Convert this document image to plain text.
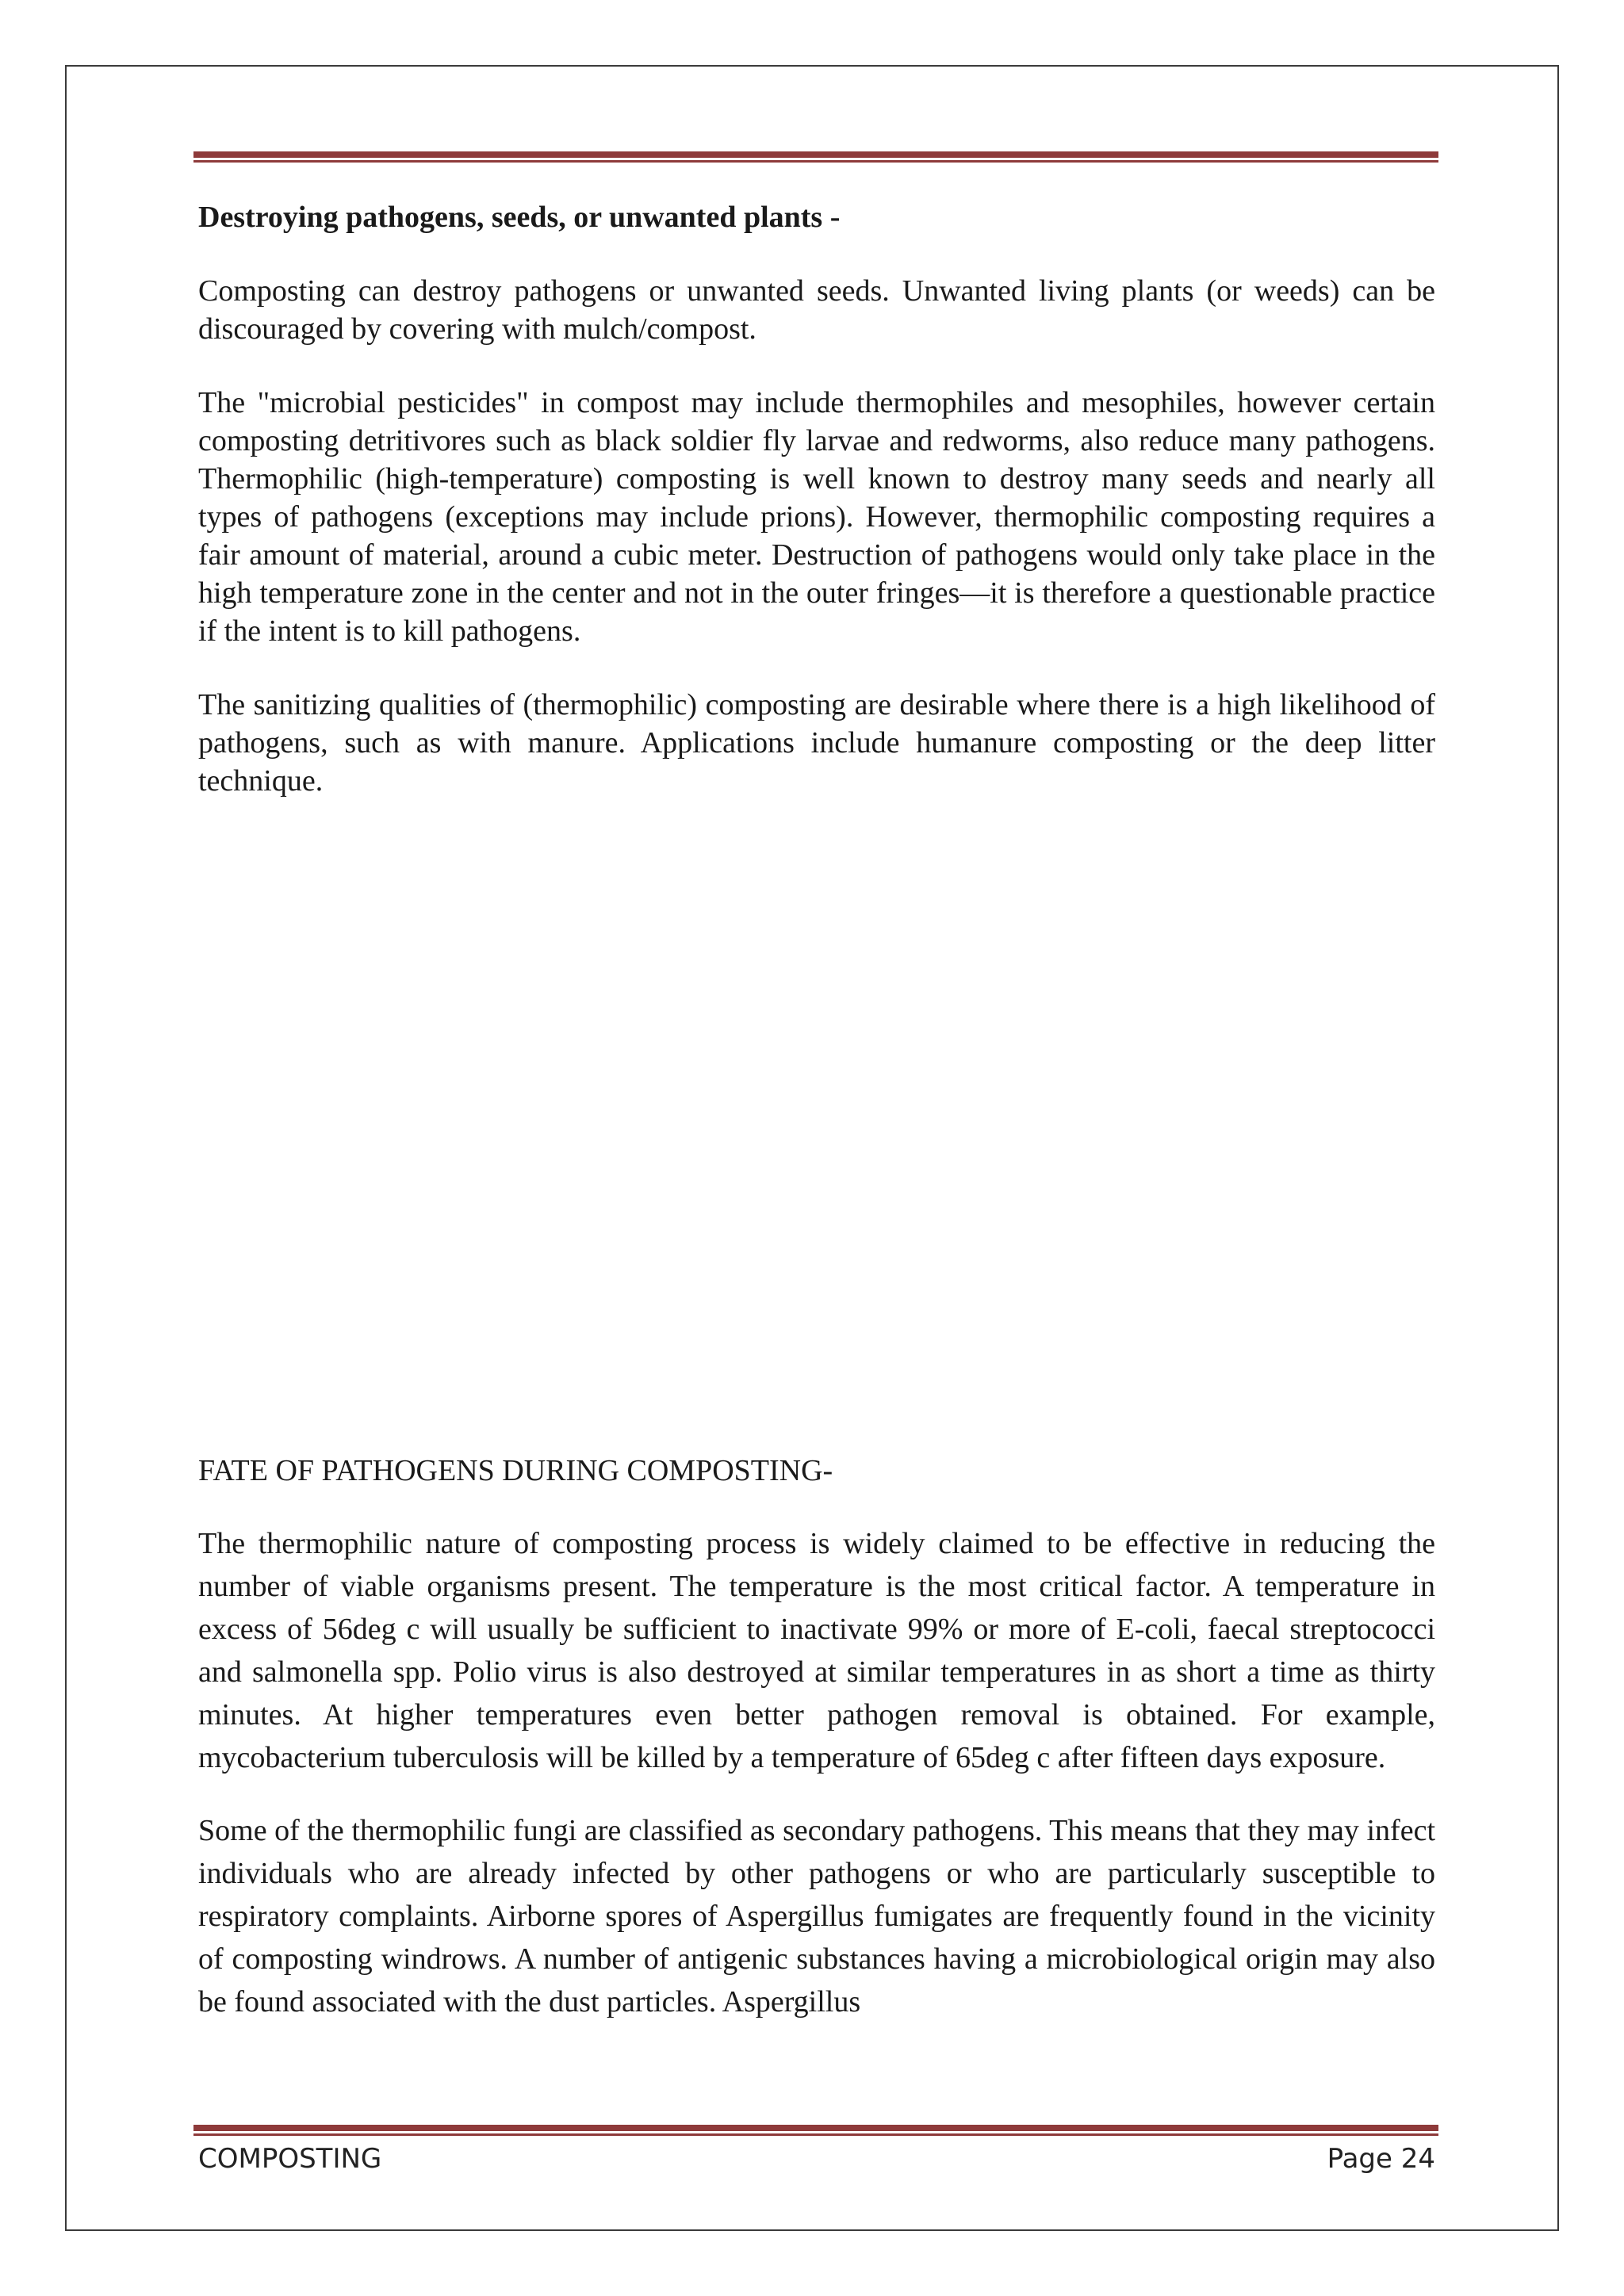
Destroying pathogens, seeds, or unwanted plants -

Composting can destroy pathogens or unwanted seeds. Unwanted living plants (or weeds) can be discouraged by covering with mulch/compost.

The "microbial pesticides" in compost may include thermophiles and mesophiles, however certain composting detritivores such as black soldier fly larvae and redworms, also reduce many pathogens. Thermophilic (high-temperature) composting is well known to destroy many seeds and nearly all types of pathogens (exceptions may include prions). However, thermophilic composting requires a fair amount of material, around a cubic meter. Destruction of pathogens would only take place in the high temperature zone in the center and not in the outer fringes—it is therefore a questionable practice if the intent is to kill pathogens.

The sanitizing qualities of (thermophilic) composting are desirable where there is a high likelihood of pathogens, such as with manure. Applications include humanure composting or the deep litter technique.

FATE OF PATHOGENS DURING COMPOSTING-

The thermophilic nature of composting process is widely claimed to be effective in reducing the number of viable organisms present. The temperature is the most critical factor. A temperature in excess of 56deg c will usually be sufficient to inactivate 99% or more of E-coli, faecal streptococci and salmonella spp. Polio virus is also destroyed at similar temperatures in as short a time as thirty minutes. At higher temperatures even better pathogen removal is obtained. For example, mycobacterium tuberculosis will be killed by a temperature of 65deg c after fifteen days exposure.

Some of the thermophilic fungi are classified as secondary pathogens. This means that they may infect individuals who are already infected by other pathogens or who are particularly susceptible to respiratory complaints. Airborne spores of Aspergillus fumigates are frequently found in the vicinity of composting windrows. A number of antigenic substances having a microbiological origin may also be found associated with the dust particles. Aspergillus

COMPOSTING	Page 24
